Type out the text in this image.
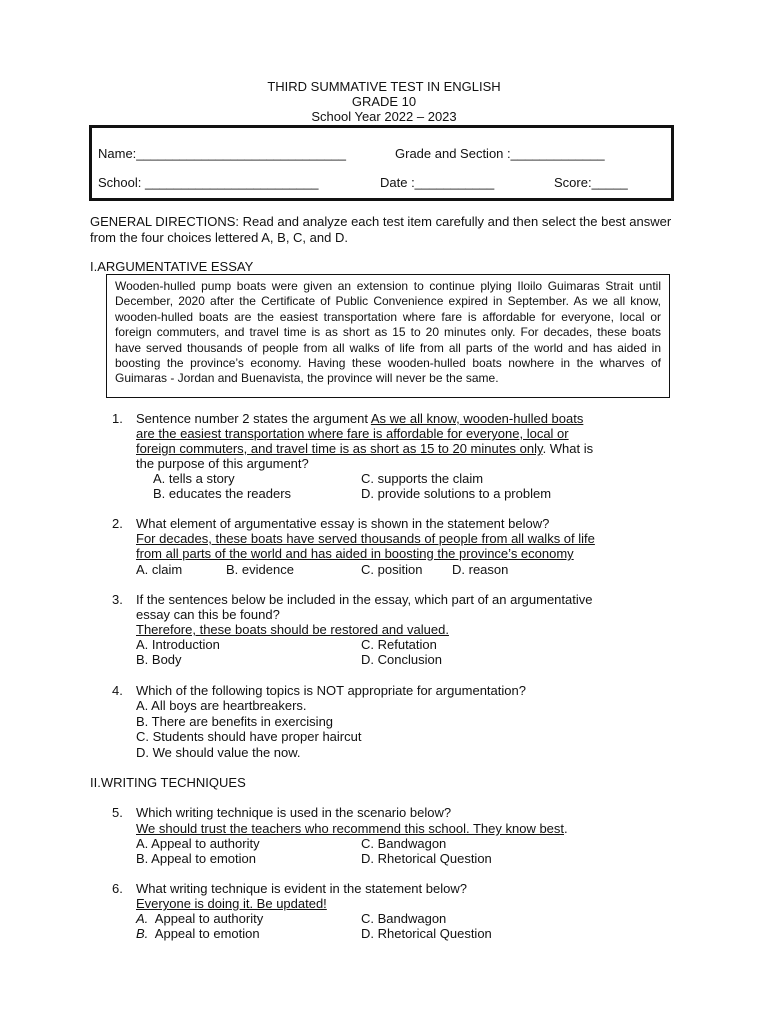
THIRD SUMMATIVE TEST IN ENGLISH
GRADE 10
School Year 2022 – 2023
Name:_____________________________	Grade and Section :_____________
School: ________________________	Date :___________	Score:_____
GENERAL DIRECTIONS: Read and analyze each test item carefully and then select the best answer from the four choices lettered A, B, C, and D.
I.ARGUMENTATIVE ESSAY
Wooden-hulled pump boats were given an extension to continue plying Iloilo Guimaras Strait until December, 2020 after the Certificate of Public Convenience expired in September. As we all know, wooden-hulled boats are the easiest transportation where fare is affordable for everyone, local or foreign commuters, and travel time is as short as 15 to 20 minutes only. For decades, these boats have served thousands of people from all walks of life from all parts of the world and has aided in boosting the province’s economy. Having these wooden-hulled boats nowhere in the wharves of Guimaras - Jordan and Buenavista, the province will never be the same.
1. Sentence number 2 states the argument As we all know, wooden-hulled boats
are the easiest transportation where fare is affordable for everyone, local or
foreign commuters, and travel time is as short as 15 to 20 minutes only. What is
the purpose of this argument?
A. tells a story	C. supports the claim
B. educates the readers	D. provide solutions to a problem
2. What element of argumentative essay is shown in the statement below?
For decades, these boats have served thousands of people from all walks of life
from all parts of the world and has aided in boosting the province’s economy
A. claim	B. evidence	C. position D. reason
3. If the sentences below be included in the essay, which part of an argumentative
essay can this be found?
Therefore, these boats should be restored and valued.
A. Introduction	C. Refutation
B. Body	D. Conclusion
4. Which of the following topics is NOT appropriate for argumentation?
A. All boys are heartbreakers.
B. There are benefits in exercising
C. Students should have proper haircut
D. We should value the now.
II.WRITING TECHNIQUES
5. Which writing technique is used in the scenario below?
We should trust the teachers who recommend this school. They know best.
A. Appeal to authority	C. Bandwagon
B. Appeal to emotion	D. Rhetorical Question
6. What writing technique is evident in the statement below?
Everyone is doing it. Be updated!
A.  Appeal to authority	C. Bandwagon
B.  Appeal to emotion	D. Rhetorical Question
